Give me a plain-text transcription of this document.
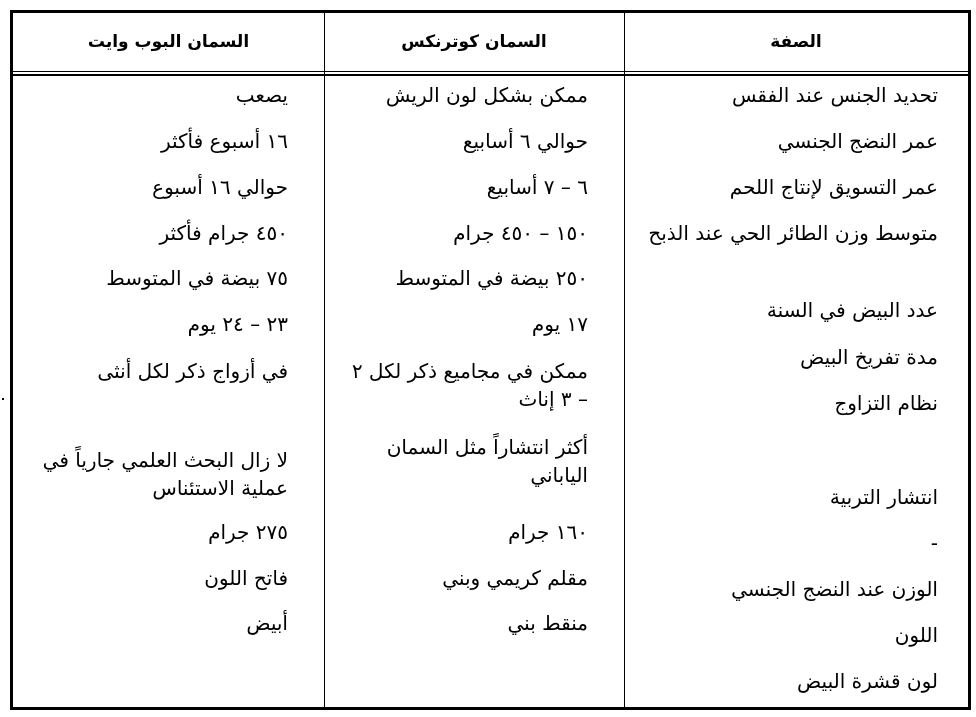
السمان البوب وايت	السمان كوترنكس	الصفة
تحديد الجنس عند الفقس
عمر النضج الجنسي
عمر التسويق لإنتاج اللحم
متوسط وزن الطائر الحي عند الذبح
عدد البيض في السنة
مدة تفريخ البيض
نظام التزاوج
انتشار التربية
-
الوزن عند النضج الجنسي
اللون
لون قشرة البيض
ممكن بشكل لون الريش
حوالي ٦ أسابيع
٦ – ٧ أسابيع
١٥٠ – ٤٥٠ جرام
٢٥٠ بيضة في المتوسط
١٧ يوم
ممكن في مجاميع ذكر لكل ٢ – ٣ إناث
أكثر انتشاراً مثل السمان الياباني
١٦٠ جرام
مقلم كريمي وبني
منقط بني
يصعب
١٦ أسبوع فأكثر
حوالي ١٦ أسبوع
٤٥٠ جرام فأكثر
٧٥ بيضة في المتوسط
٢٣ – ٢٤ يوم
في أزواج ذكر لكل أنثى
لا زال البحث العلمي جارياً في عملية الاستئناس
٢٧٥ جرام
فاتح اللون
أبيض
